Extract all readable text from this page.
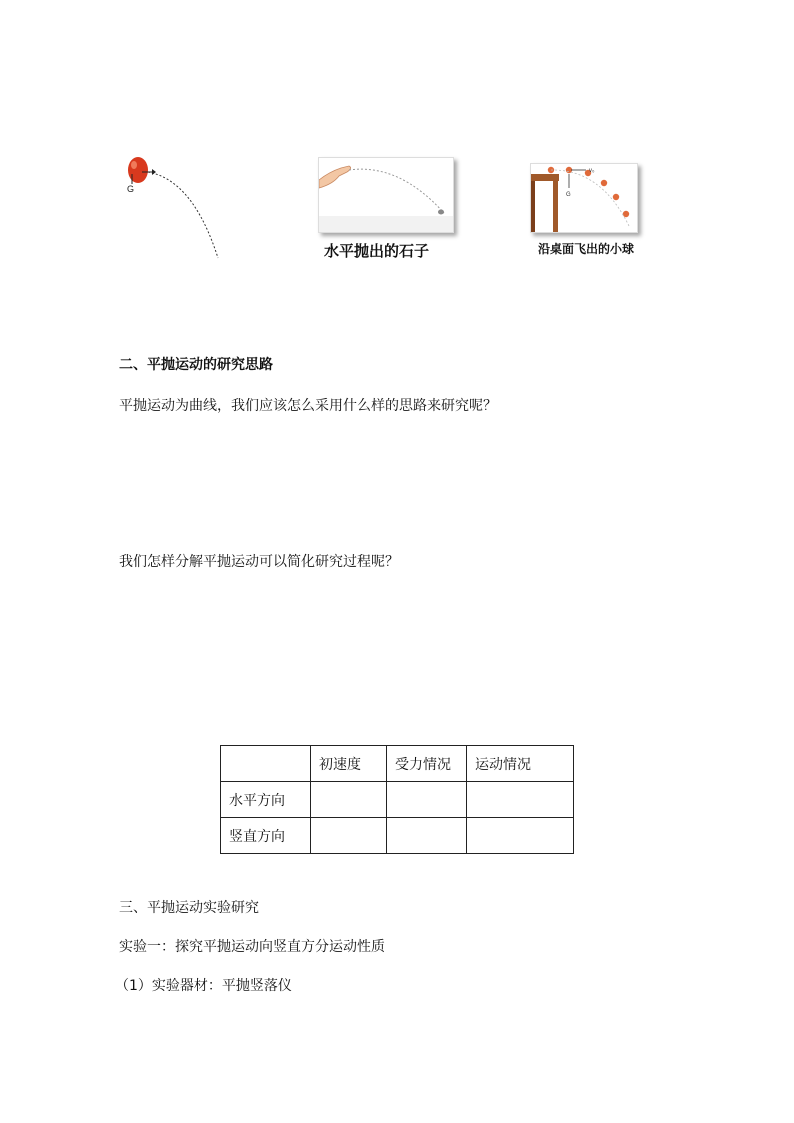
G
水平抛出的石子
v₀
G
沿桌面飞出的小球
二、平抛运动的研究思路
平抛运动为曲线，我们应该怎么采用什么样的思路来研究呢？
我们怎样分解平抛运动可以简化研究过程呢？
	初速度	受力情况	运动情况
水平方向			
竖直方向			
三、平抛运动实验研究
实验一：探究平抛运动向竖直方分运动性质
（1）实验器材：平抛竖落仪
